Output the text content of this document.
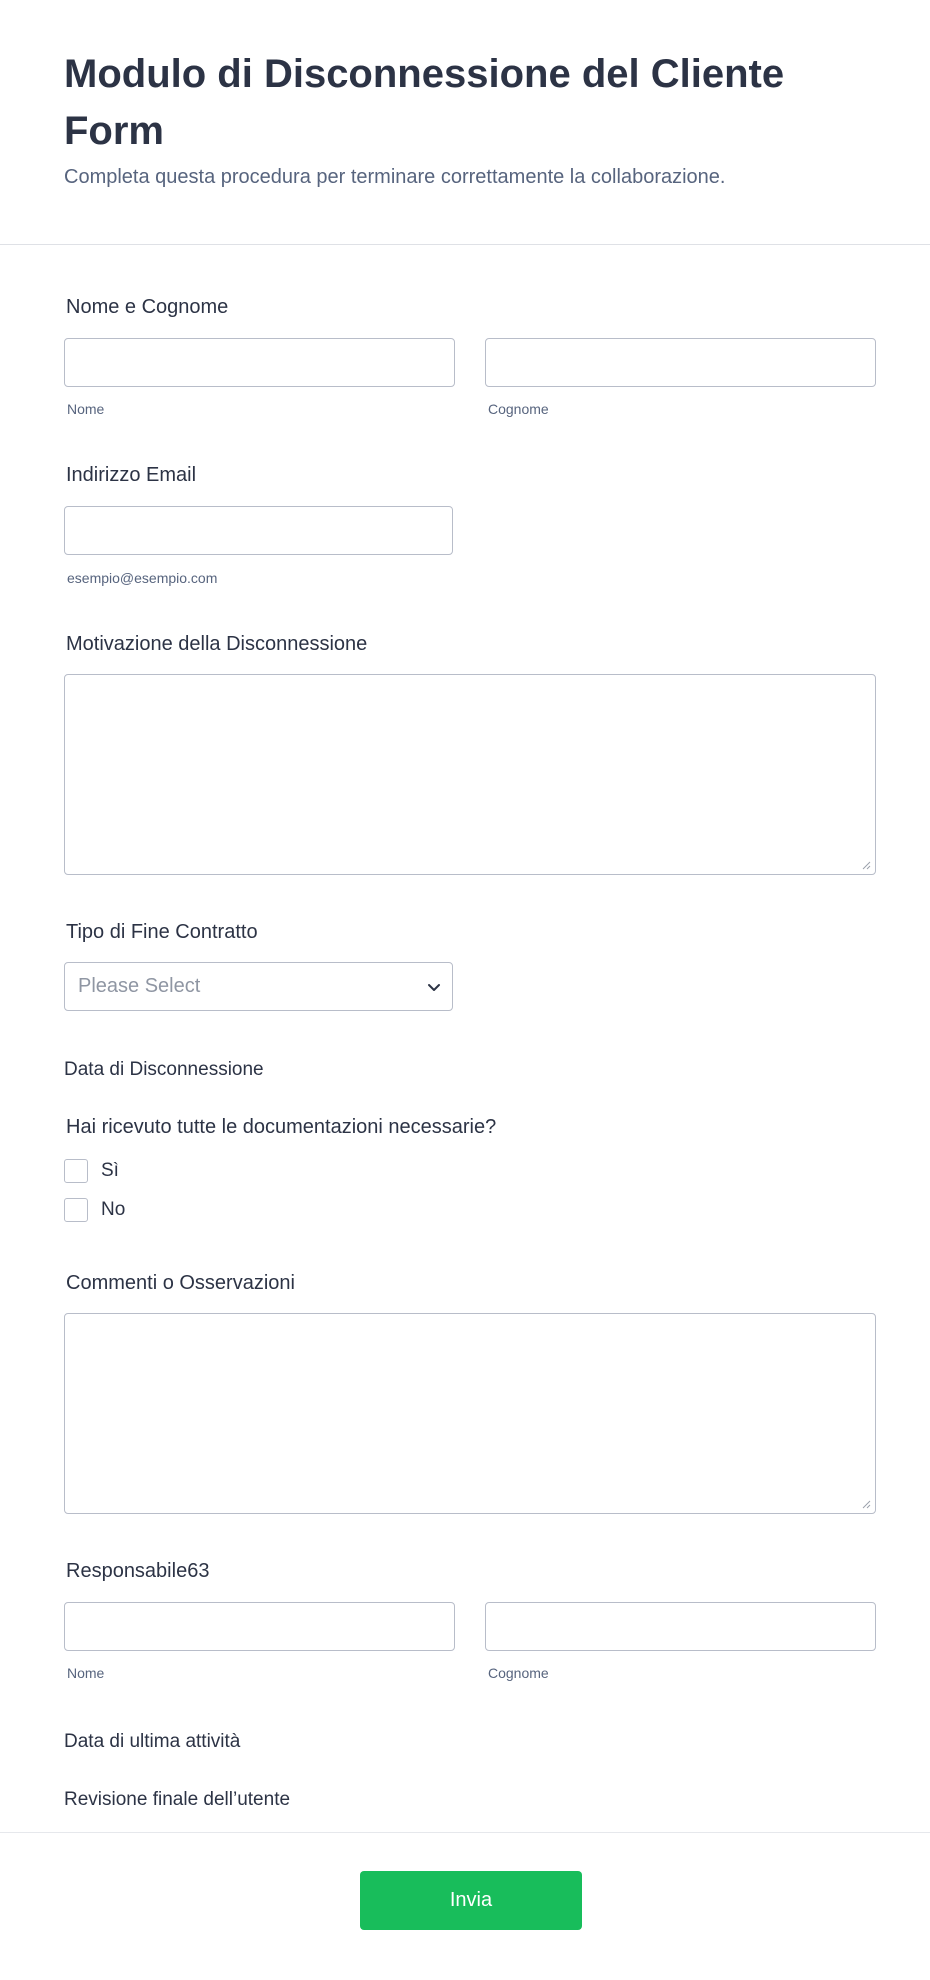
Modulo di Disconnessione del Cliente Form
Completa questa procedura per terminare correttamente la collaborazione.
Nome e Cognome
Nome	Cognome
Indirizzo Email
esempio@esempio.com
Motivazione della Disconnessione
Tipo di Fine Contratto
Please Select
Data di Disconnessione
Hai ricevuto tutte le documentazioni necessarie?
Sì
No
Commenti o Osservazioni
Responsabile63
Nome	Cognome
Data di ultima attività
Revisione finale dell’utente
Invia
